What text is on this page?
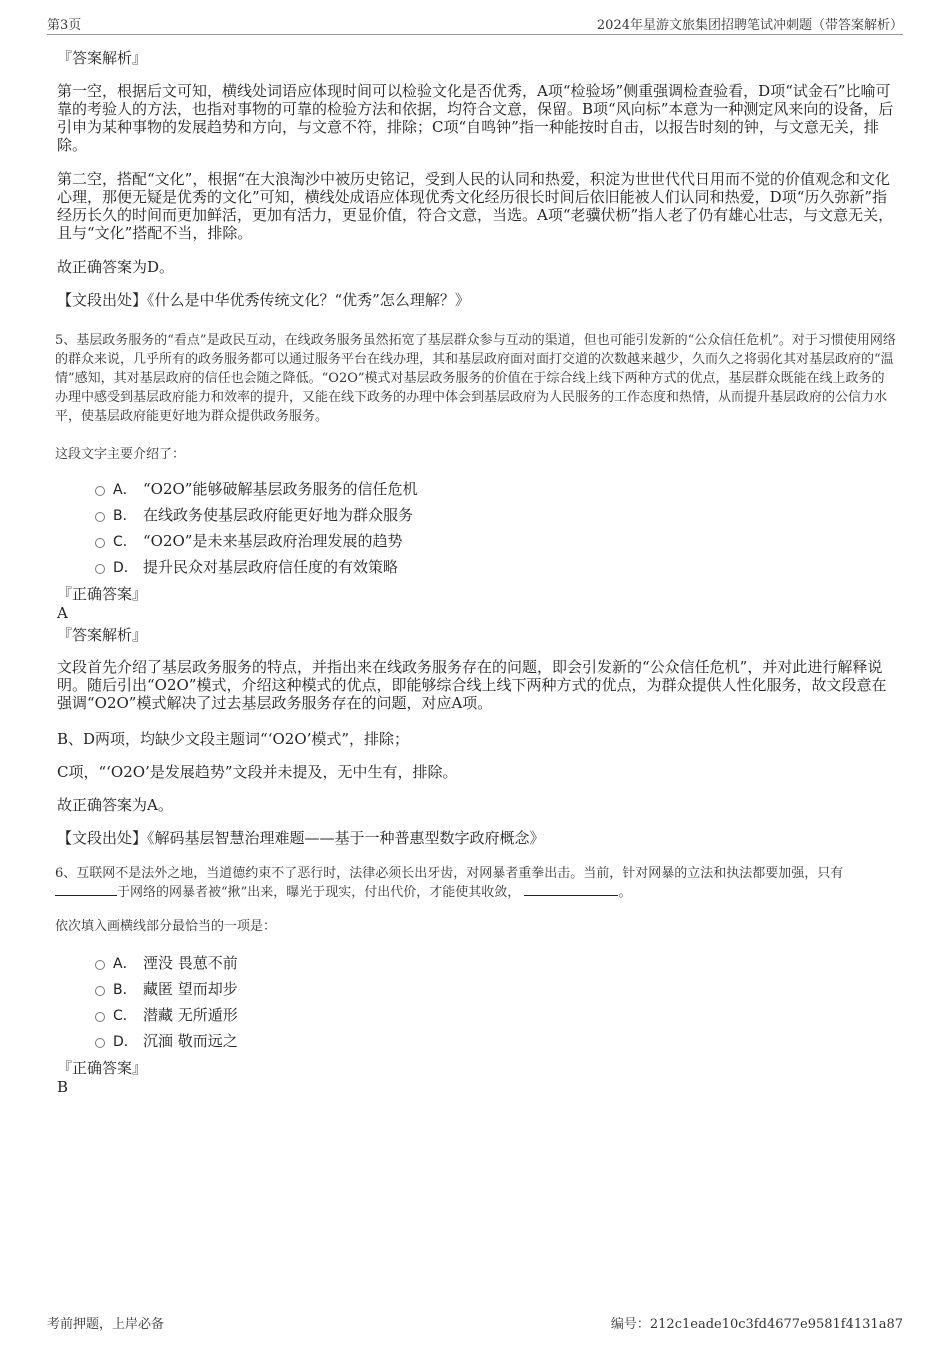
第3页	2024年星游文旅集团招聘笔试冲刺题（带答案解析）
『答案解析』
第一空，根据后文可知，横线处词语应体现时间可以检验文化是否优秀，A项“检验场”侧重强调检查验看，D项“试金石”比喻可靠的考验人的方法，也指对事物的可靠的检验方法和依据，均符合文意，保留。B项“风向标”本意为一种测定风来向的设备，后引申为某种事物的发展趋势和方向，与文意不符，排除；C项“自鸣钟”指一种能按时自击，以报告时刻的钟，与文意无关，排除。
第二空，搭配“文化”，根据“在大浪淘沙中被历史铭记，受到人民的认同和热爱，积淀为世世代代日用而不觉的价值观念和文化心理，那便无疑是优秀的文化”可知，横线处成语应体现优秀文化经历很长时间后依旧能被人们认同和热爱，D项“历久弥新”指经历长久的时间而更加鲜活，更加有活力，更显价值，符合文意，当选。A项“老骥伏枥”指人老了仍有雄心壮志，与文意无关，且与“文化”搭配不当，排除。
故正确答案为D。
【文段出处】《什么是中华优秀传统文化？“优秀”怎么理解？》
5、基层政务服务的“看点”是政民互动，在线政务服务虽然拓宽了基层群众参与互动的渠道，但也可能引发新的“公众信任危机”。对于习惯使用网络的群众来说，几乎所有的政务服务都可以通过服务平台在线办理，其和基层政府面对面打交道的次数越来越少，久而久之将弱化其对基层政府的“温情”感知，其对基层政府的信任也会随之降低。“O2O”模式对基层政务服务的价值在于综合线上线下两种方式的优点，基层群众既能在线上政务的办理中感受到基层政府能力和效率的提升，又能在线下政务的办理中体会到基层政府为人民服务的工作态度和热情，从而提升基层政府的公信力水平，使基层政府能更好地为群众提供政务服务。
这段文字主要介绍了：
A． “O2O”能够破解基层政务服务的信任危机
B． 在线政务使基层政府能更好地为群众服务
C． “O2O”是未来基层政府治理发展的趋势
D． 提升民众对基层政府信任度的有效策略
『正确答案』
A
『答案解析』
文段首先介绍了基层政务服务的特点，并指出来在线政务服务存在的问题，即会引发新的“公众信任危机”，并对此进行解释说明。随后引出“O2O”模式，介绍这种模式的优点，即能够综合线上线下两种方式的优点，为群众提供人性化服务，故文段意在强调“O2O”模式解决了过去基层政务服务存在的问题，对应A项。
B、D两项，均缺少文段主题词“‘O2O’模式”，排除；
C项，“‘O2O’是发展趋势”文段并未提及，无中生有，排除。
故正确答案为A。
【文段出处】《解码基层智慧治理难题——基于一种普惠型数字政府概念》
6、互联网不是法外之地，当道德约束不了恶行时，法律必须长出牙齿，对网暴者重拳出击。当前，针对网暴的立法和执法都要加强，只有于网络的网暴者被“揪”出来，曝光于现实，付出代价，才能使其收敛，	。
依次填入画横线部分最恰当的一项是：
A． 湮没 畏葸不前
B． 藏匿 望而却步
C． 潜藏 无所遁形
D． 沉湎 敬而远之
『正确答案』
B
考前押题，上岸必备	编号：212c1eade10c3fd4677e9581f4131a87
